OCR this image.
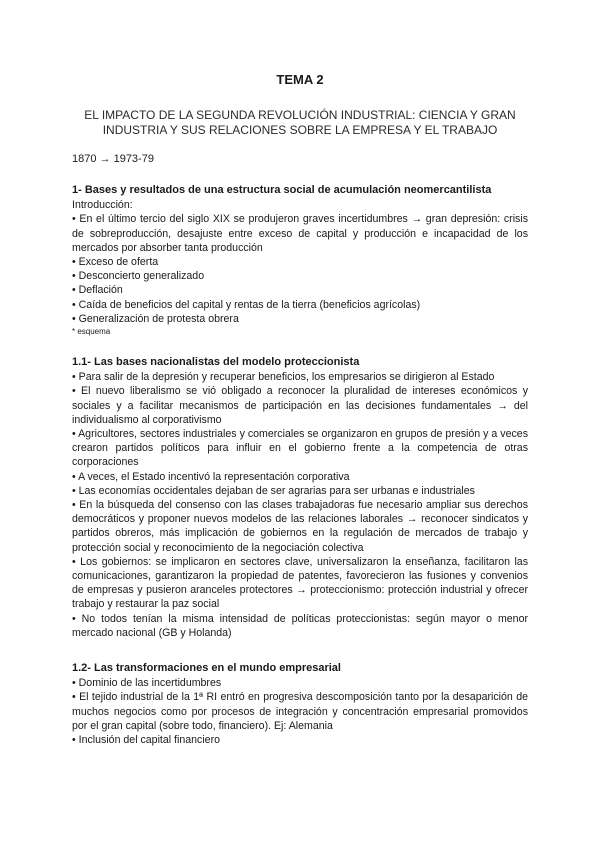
TEMA 2
EL IMPACTO DE LA SEGUNDA REVOLUCIÓN INDUSTRIAL: CIENCIA Y GRAN INDUSTRIA Y SUS RELACIONES SOBRE LA EMPRESA Y EL TRABAJO
1870 → 1973-79

1- Bases y resultados de una estructura social de acumulación neomercantilista

Introducción:

• En el último tercio del siglo XIX se produjeron graves incertidumbres → gran depresión: crisis de sobreproducción, desajuste entre exceso de capital y producción e incapacidad de los mercados por absorber tanta producción

• Exceso de oferta

• Desconcierto generalizado

• Deflación

• Caída de beneficios del capital y rentas de la tierra (beneficios agrícolas)

• Generalización de protesta obrera

* esquema

1.1- Las bases nacionalistas del modelo proteccionista

• Para salir de la depresión y recuperar beneficios, los empresarios se dirigieron al Estado

• El nuevo liberalismo se vió obligado a reconocer la pluralidad de intereses económicos y sociales y a facilitar mecanismos de participación en las decisiones fundamentales → del individualismo al corporativismo

• Agricultores, sectores industriales y comerciales se organizaron en grupos de presión y a veces crearon partidos políticos para influir en el gobierno frente a la competencia de otras corporaciones

• A veces, el Estado incentivó la representación corporativa

• Las economías occidentales dejaban de ser agrarias para ser urbanas e industriales

• En la búsqueda del consenso con las clases trabajadoras fue necesario ampliar sus derechos democráticos y proponer nuevos modelos de las relaciones laborales → reconocer sindicatos y partidos obreros, más implicación de gobiernos en la regulación de mercados de trabajo y protección social y reconocimiento de la negociación colectiva

• Los gobiernos: se implicaron en sectores clave, universalizaron la enseñanza, facilitaron las comunicaciones, garantizaron la propiedad de patentes, favorecieron las fusiones y convenios de empresas y pusieron aranceles protectores → proteccionismo: protección industrial y ofrecer trabajo y restaurar la paz social

• No todos tenían la misma intensidad de políticas proteccionistas: según mayor o menor mercado nacional (GB y Holanda)

1.2- Las transformaciones en el mundo empresarial

• Dominio de las incertidumbres

• El tejido industrial de la 1ª RI entró en progresiva descomposición tanto por la desaparición de muchos negocios como por procesos de integración y concentración empresarial promovidos por el gran capital (sobre todo, financiero). Ej: Alemania

• Inclusión del capital financiero
